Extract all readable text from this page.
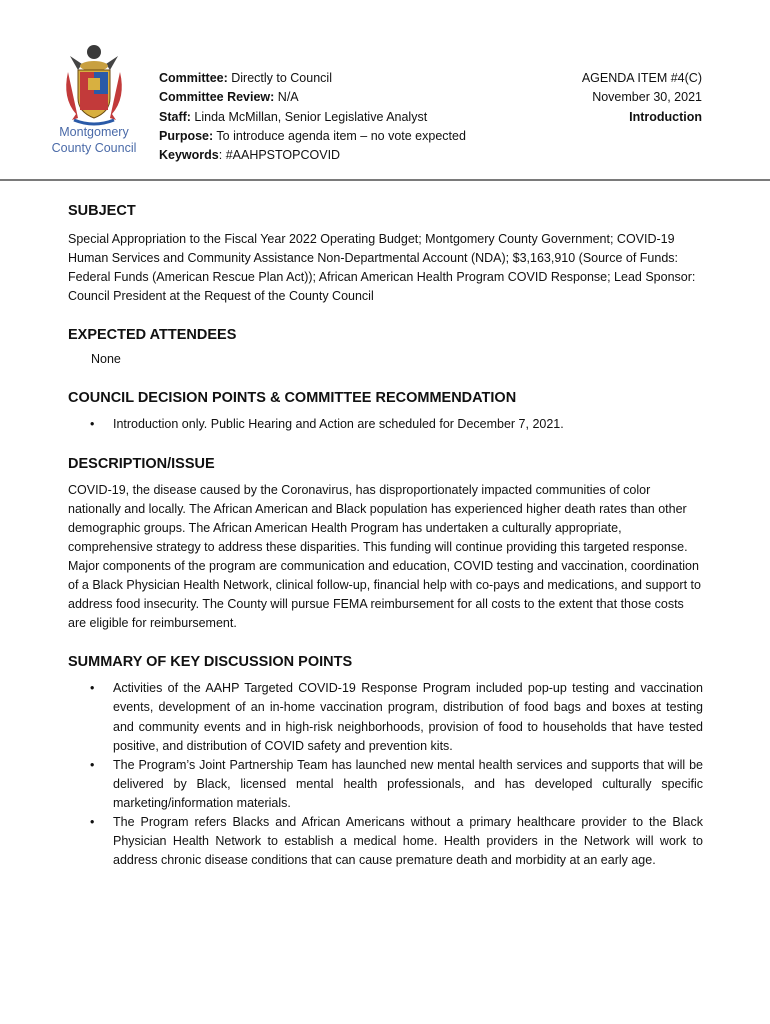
Montgomery
County Council
Committee: Directly to Council
Committee Review: N/A
Staff: Linda McMillan, Senior Legislative Analyst
Purpose: To introduce agenda item – no vote expected
Keywords: #AAHPSTOPCOVID
AGENDA ITEM #4(C)
November 30, 2021
Introduction
SUBJECT

Special Appropriation to the Fiscal Year 2022 Operating Budget; Montgomery County Government; COVID-19 Human Services and Community Assistance Non-Departmental Account (NDA); $3,163,910 (Source of Funds: Federal Funds (American Rescue Plan Act)); African American Health Program COVID Response; Lead Sponsor: Council President at the Request of the County Council

EXPECTED ATTENDEES

None

COUNCIL DECISION POINTS & COMMITTEE RECOMMENDATION
• Introduction only. Public Hearing and Action are scheduled for December 7, 2021.
DESCRIPTION/ISSUE

COVID-19, the disease caused by the Coronavirus, has disproportionately impacted communities of color nationally and locally. The African American and Black population has experienced higher death rates than other demographic groups. The African American Health Program has undertaken a culturally appropriate, comprehensive strategy to address these disparities. This funding will continue providing this targeted response. Major components of the program are communication and education, COVID testing and vaccination, coordination of a Black Physician Health Network, clinical follow-up, financial help with co-pays and medications, and support to address food insecurity. The County will pursue FEMA reimbursement for all costs to the extent that those costs are eligible for reimbursement.

SUMMARY OF KEY DISCUSSION POINTS
• Activities of the AAHP Targeted COVID-19 Response Program included pop-up testing and vaccination events, development of an in-home vaccination program, distribution of food bags and boxes at testing and community events and in high-risk neighborhoods, provision of food to households that have tested positive, and distribution of COVID safety and prevention kits.
• The Program’s Joint Partnership Team has launched new mental health services and supports that will be delivered by Black, licensed mental health professionals, and has developed culturally specific marketing/information materials.
• The Program refers Blacks and African Americans without a primary healthcare provider to the Black Physician Health Network to establish a medical home. Health providers in the Network will work to address chronic disease conditions that can cause premature death and morbidity at an early age.
